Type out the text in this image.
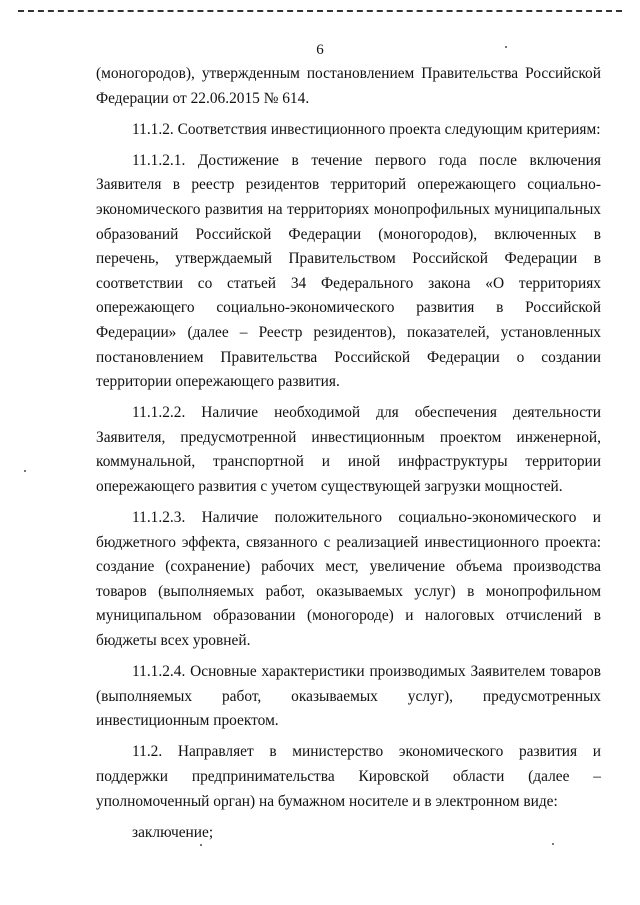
6

(моногородов), утвержденным постановлением Правительства Российской Федерации от 22.06.2015 № 614.

11.1.2. Соответствия инвестиционного проекта следующим критериям:

11.1.2.1. Достижение в течение первого года после включения Заявителя в реестр резидентов территорий опережающего социально-экономического развития на территориях монопрофильных муниципальных образований Российской Федерации (моногородов), включенных в перечень, утверждаемый Правительством Российской Федерации в соответствии со статьей 34 Федерального закона «О территориях опережающего социально-экономического развития в Российской Федерации» (далее – Реестр резидентов), показателей, установленных постановлением Правительства Российской Федерации о создании территории опережающего развития.

11.1.2.2. Наличие необходимой для обеспечения деятельности Заявителя, предусмотренной инвестиционным проектом инженерной, коммунальной, транспортной и иной инфраструктуры территории опережающего развития с учетом существующей загрузки мощностей.

11.1.2.3. Наличие положительного социально-экономического и бюджетного эффекта, связанного с реализацией инвестиционного проекта: создание (сохранение) рабочих мест, увеличение объема производства товаров (выполняемых работ, оказываемых услуг) в монопрофильном муниципальном образовании (моногороде) и налоговых отчислений в бюджеты всех уровней.

11.1.2.4. Основные характеристики производимых Заявителем товаров (выполняемых работ, оказываемых услуг), предусмотренных инвестиционным проектом.

11.2. Направляет в министерство экономического развития и поддержки предпринимательства Кировской области (далее – уполномоченный орган) на бумажном носителе и в электронном виде:

заключение;
